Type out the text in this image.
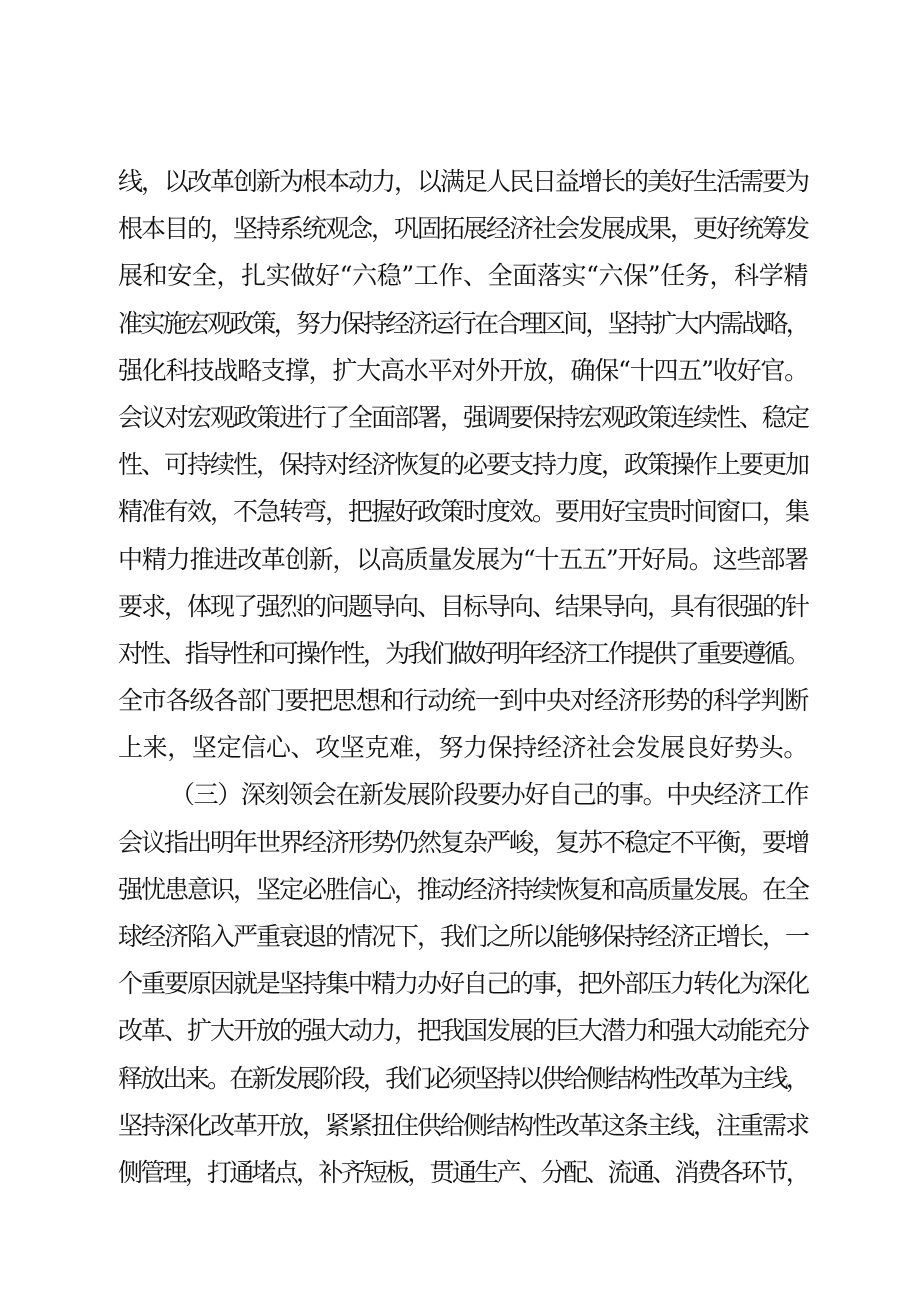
线，以改革创新为根本动力，以满足人民日益增长的美好生活需要为
根本目的，坚持系统观念，巩固拓展经济社会发展成果，更好统筹发
展和安全，扎实做好“六稳”工作、全面落实“六保”任务，科学精
准实施宏观政策，努力保持经济运行在合理区间，坚持扩大内需战略，
强化科技战略支撑，扩大高水平对外开放，确保“十四五”收好官。
会议对宏观政策进行了全面部署，强调要保持宏观政策连续性、稳定
性、可持续性，保持对经济恢复的必要支持力度，政策操作上要更加
精准有效，不急转弯，把握好政策时度效。要用好宝贵时间窗口，集
中精力推进改革创新，以高质量发展为“十五五”开好局。这些部署
要求，体现了强烈的问题导向、目标导向、结果导向，具有很强的针
对性、指导性和可操作性，为我们做好明年经济工作提供了重要遵循。
全市各级各部门要把思想和行动统一到中央对经济形势的科学判断
上来，坚定信心、攻坚克难，努力保持经济社会发展良好势头。
（三）深刻领会在新发展阶段要办好自己的事。中央经济工作
会议指出明年世界经济形势仍然复杂严峻，复苏不稳定不平衡，要增
强忧患意识，坚定必胜信心，推动经济持续恢复和高质量发展。在全
球经济陷入严重衰退的情况下，我们之所以能够保持经济正增长，一
个重要原因就是坚持集中精力办好自己的事，把外部压力转化为深化
改革、扩大开放的强大动力，把我国发展的巨大潜力和强大动能充分
释放出来。在新发展阶段，我们必须坚持以供给侧结构性改革为主线，
坚持深化改革开放，紧紧扭住供给侧结构性改革这条主线，注重需求
侧管理，打通堵点，补齐短板，贯通生产、分配、流通、消费各环节，
